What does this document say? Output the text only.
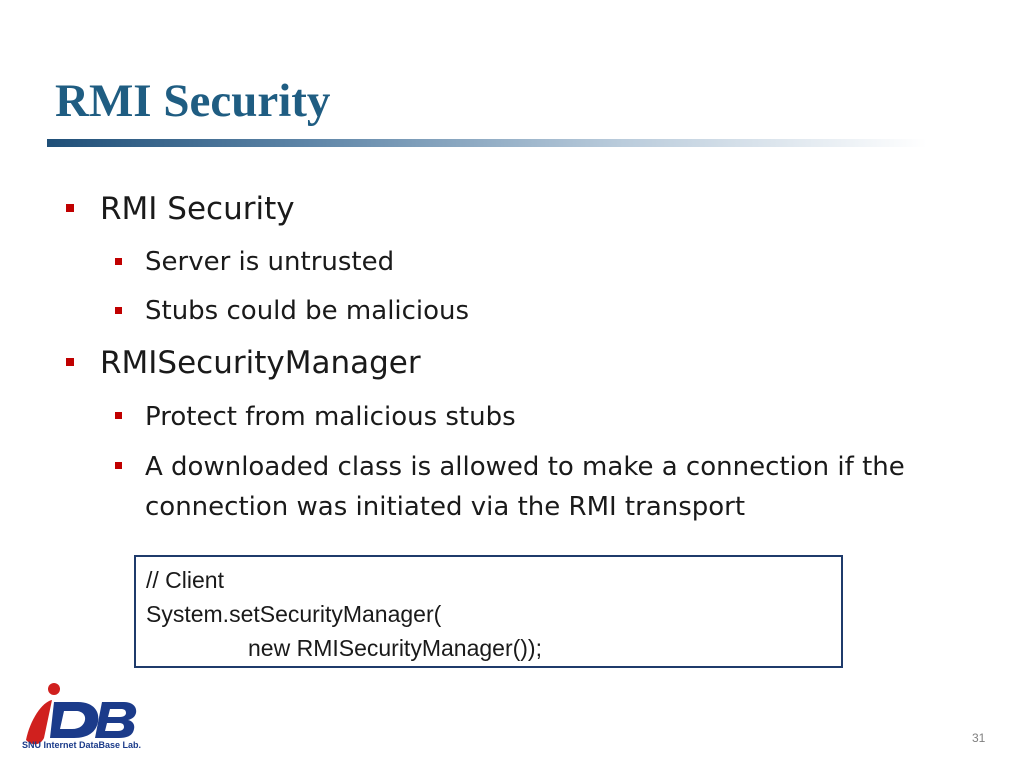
RMI Security
RMI Security
Server is untrusted
Stubs could be malicious
RMISecurityManager
Protect from malicious stubs
A downloaded class is allowed to make a connection if the connection was initiated via the RMI transport
// Client
System.setSecurityManager(
new RMISecurityManager());
SNU Internet DataBase Lab.	31
